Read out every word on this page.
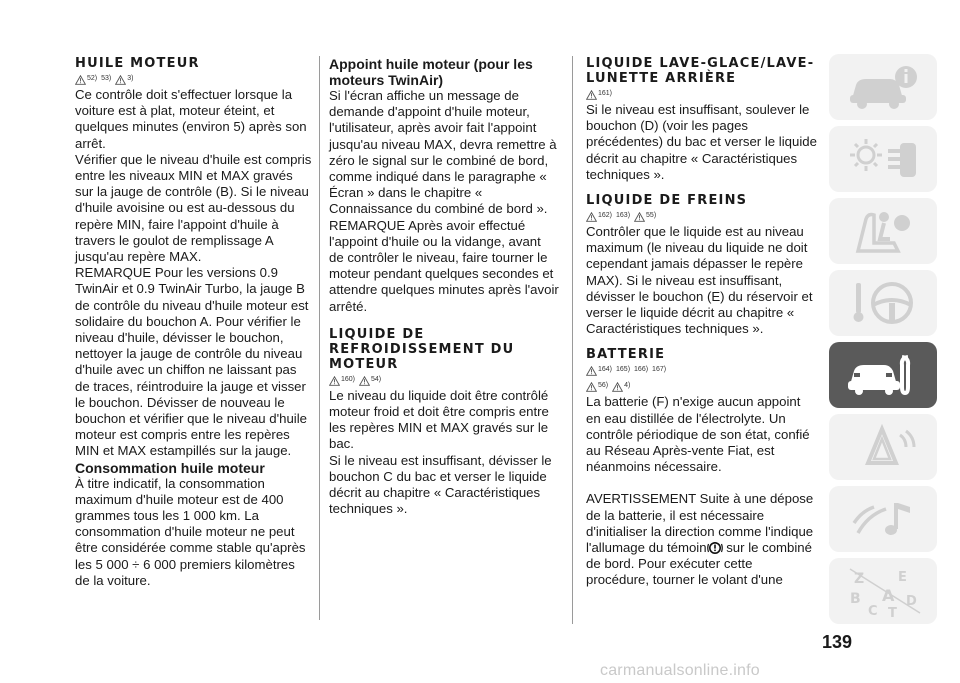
HUILE MOTEUR
52) 53) 3)

Ce contrôle doit s'effectuer lorsque la voiture est à plat, moteur éteint, et quelques minutes (environ 5) après son arrêt.

Vérifier que le niveau d'huile est compris entre les niveaux MIN et MAX gravés sur la jauge de contrôle (B). Si le niveau d'huile avoisine ou est au-dessous du repère MIN, faire l'appoint d'huile à travers le goulot de remplissage A jusqu'au repère MAX.

REMARQUE Pour les versions 0.9 TwinAir et 0.9 TwinAir Turbo, la jauge B de contrôle du niveau d'huile moteur est solidaire du bouchon A. Pour vérifier le niveau d'huile, dévisser le bouchon, nettoyer la jauge de contrôle du niveau d'huile avec un chiffon ne laissant pas de traces, réintroduire la jauge et visser le bouchon. Dévisser de nouveau le bouchon et vérifier que le niveau d'huile moteur est compris entre les repères MIN et MAX estampillés sur la jauge.

Consommation huile moteur

À titre indicatif, la consommation maximum d'huile moteur est de 400 grammes tous les 1 000 km. La consommation d'huile moteur ne peut être considérée comme stable qu'après les 5 000 ÷ 6 000 premiers kilomètres de la voiture.

Appoint huile moteur (pour les moteurs TwinAir)

Si l'écran affiche un message de demande d'appoint d'huile moteur, l'utilisateur, après avoir fait l'appoint jusqu'au niveau MAX, devra remettre à zéro le signal sur le combiné de bord, comme indiqué dans le paragraphe « Écran » dans le chapitre « Connaissance du combiné de bord ».

REMARQUE Après avoir effectué l'appoint d'huile ou la vidange, avant de contrôler le niveau, faire tourner le moteur pendant quelques secondes et attendre quelques minutes après l'avoir arrêté.

LIQUIDE DE REFROIDISSEMENT DU MOTEUR
160) 54)

Le niveau du liquide doit être contrôlé moteur froid et doit être compris entre les repères MIN et MAX gravés sur le bac.

Si le niveau est insuffisant, dévisser le bouchon C du bac et verser le liquide décrit au chapitre « Caractéristiques techniques ».

LIQUIDE LAVE-GLACE/LAVE-LUNETTE ARRIÈRE
161)

Si le niveau est insuffisant, soulever le bouchon (D) (voir les pages précédentes) du bac et verser le liquide décrit au chapitre « Caractéristiques techniques ».

LIQUIDE DE FREINS
162) 163) 55)

Contrôler que le liquide est au niveau maximum (le niveau du liquide ne doit cependant jamais dépasser le repère MAX). Si le niveau est insuffisant, dévisser le bouchon (E) du réservoir et verser le liquide décrit au chapitre « Caractéristiques techniques ».

BATTERIE
164) 165) 166) 167)
56) 4)

La batterie (F) n'exige aucun appoint en eau distillée de l'électrolyte. Un contrôle périodique de son état, confié au Réseau Après-vente Fiat, est néanmoins nécessaire.

AVERTISSEMENT Suite à une dépose de la batterie, il est nécessaire d'initialiser la direction comme l'indique l'allumage du témoin sur le combiné de bord. Pour exécuter cette procédure, tourner le volant d'une	Z	E
B A D
C T
139
carmanualsonline.info
